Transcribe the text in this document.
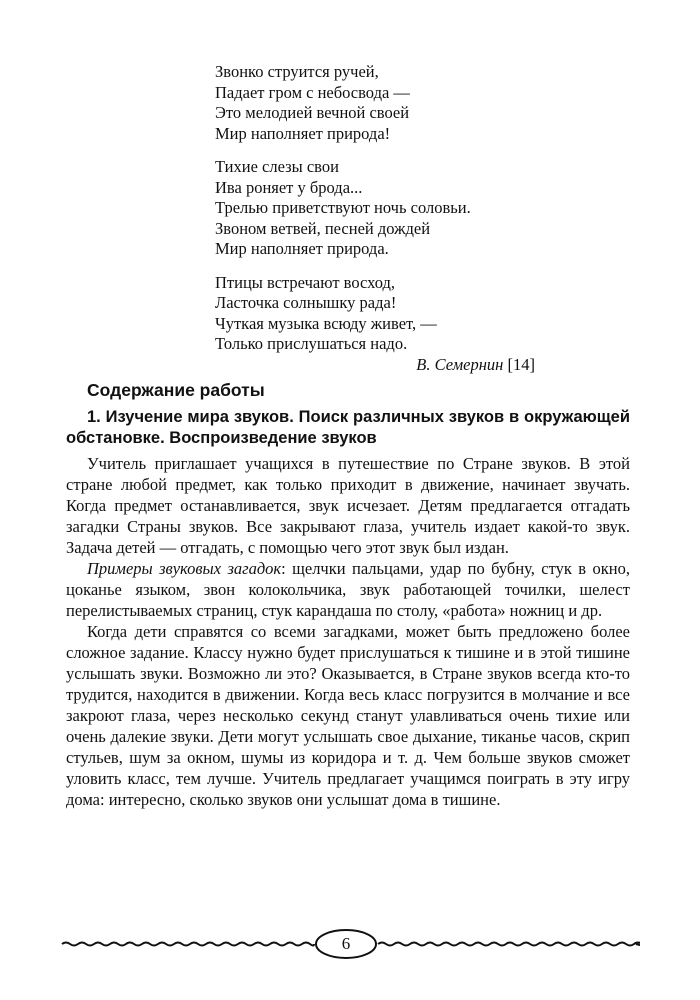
Звонко струится ручей,
Падает гром с небосвода —
Это мелодией вечной своей
Мир наполняет природа!
Тихие слезы свои
Ива роняет у брода...
Трелью приветствуют ночь соловьи.
Звоном ветвей, песней дождей
Мир наполняет природа.
Птицы встречают восход,
Ласточка солнышку рада!
Чуткая музыка всюду живет, —
Только прислушаться надо.
В. Семернин [14]
Содержание работы
1. Изучение мира звуков. Поиск различных звуков в окружающей обстановке. Воспроизведение звуков

Учитель приглашает учащихся в путешествие по Стране звуков. В этой стране любой предмет, как только приходит в движение, начинает звучать. Когда предмет останавливается, звук исчезает. Детям предлагается отгадать загадки Страны звуков. Все закрывают глаза, учитель издает какой-то звук. Задача детей — отгадать, с помощью чего этот звук был издан.

Примеры звуковых загадок: щелчки пальцами, удар по бубну, стук в окно, цоканье языком, звон колокольчика, звук работающей точилки, шелест перелистываемых страниц, стук карандаша по столу, «работа» ножниц и др.

Когда дети справятся со всеми загадками, может быть предложено более сложное задание. Классу нужно будет прислушаться к тишине и в этой тишине услышать звуки. Возможно ли это? Оказывается, в Стране звуков всегда кто-то трудится, находится в движении. Когда весь класс погрузится в молчание и все закроют глаза, через несколько секунд станут улавливаться очень тихие или очень далекие звуки. Дети могут услышать свое дыхание, тиканье часов, скрип стульев, шум за окном, шумы из коридора и т. д. Чем больше звуков сможет уловить класс, тем лучше. Учитель предлагает учащимся поиграть в эту игру дома: интересно, сколько звуков они услышат дома в тишине.

6
